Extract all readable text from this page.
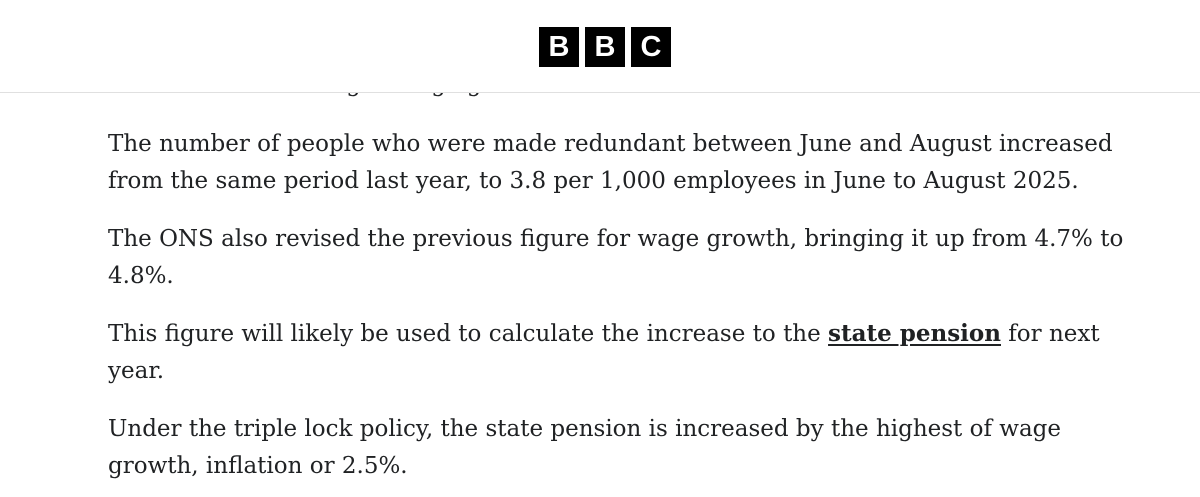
B B C

The number of people who were made redundant between June and August increased from the same period last year, to 3.8 per 1,000 employees in June to August 2025.

The ONS also revised the previous figure for wage growth, bringing it up from 4.7% to 4.8%.

This figure will likely be used to calculate the increase to the state pension for next year.

Under the triple lock policy, the state pension is increased by the highest of wage growth, inflation or 2.5%.
